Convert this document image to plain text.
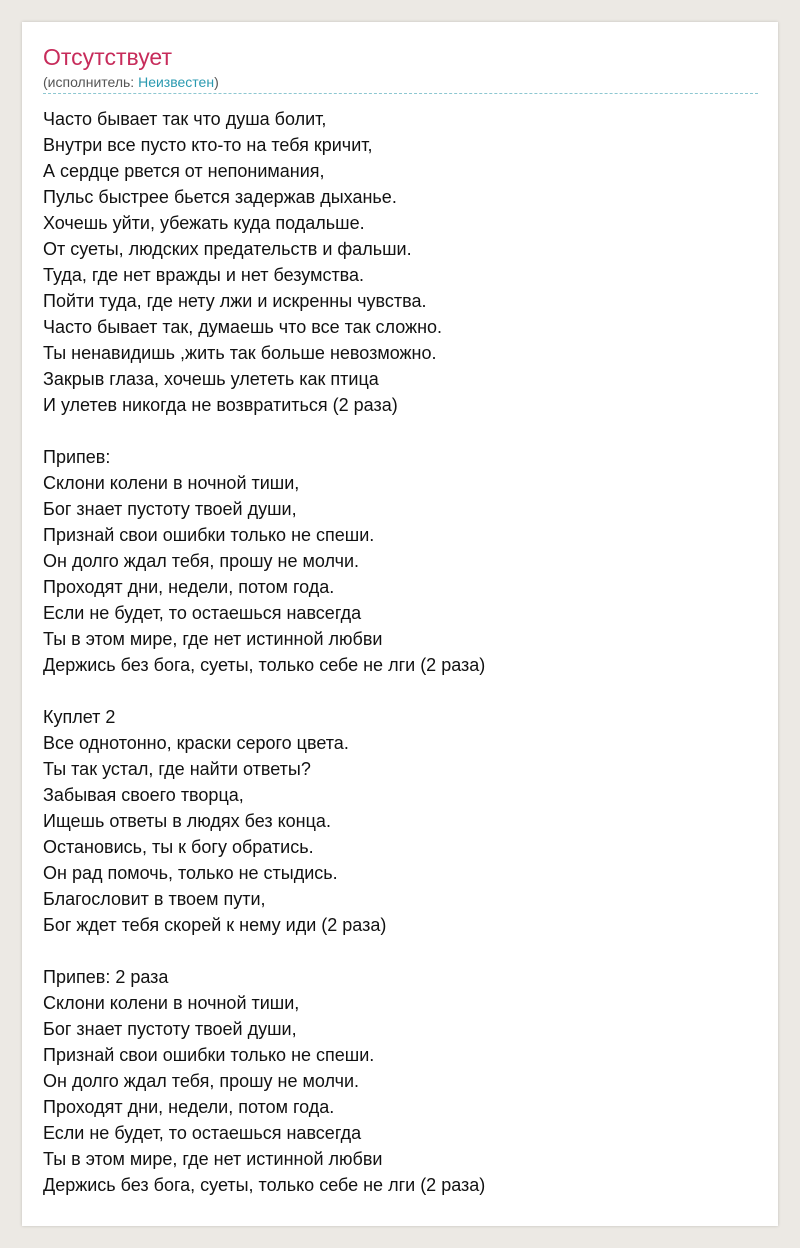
Отсутствует
(исполнитель: Неизвестен)
Часто бывает так что душа болит,
Внутри все пусто кто-то на тебя кричит,
А сердце рвется от непонимания,
Пульс быстрее бьется задержав дыханье.
Хочешь уйти, убежать куда подальше.
От суеты, людских предательств и фальши.
Туда, где нет вражды и нет безумства.
Пойти туда, где нету лжи и искренны чувства.
Часто бывает так, думаешь что все так сложно.
Ты ненавидишь ,жить так больше невозможно.
Закрыв глаза, хочешь улететь как птица
И улетев никогда не возвратиться (2 раза)
Припев:
Склони колени в ночной тиши,
Бог знает пустоту твоей души,
Признай свои ошибки только не спеши.
Он долго ждал тебя, прошу не молчи.
Проходят дни, недели, потом года.
Если не будет, то остаешься навсегда
Ты в этом мире, где нет истинной любви
Держись без бога, суеты, только себе не лги (2 раза)
Куплет 2
Все однотонно, краски серого цвета.
Ты так устал, где найти ответы?
Забывая своего творца,
Ищешь ответы в людях без конца.
Остановись, ты к богу обратись.
Он рад помочь, только не стыдись.
Благословит в твоем пути,
Бог ждет тебя скорей к нему иди (2 раза)
Припев: 2 раза
Склони колени в ночной тиши,
Бог знает пустоту твоей души,
Признай свои ошибки только не спеши.
Он долго ждал тебя, прошу не молчи.
Проходят дни, недели, потом года.
Если не будет, то остаешься навсегда
Ты в этом мире, где нет истинной любви
Держись без бога, суеты, только себе не лги (2 раза)
